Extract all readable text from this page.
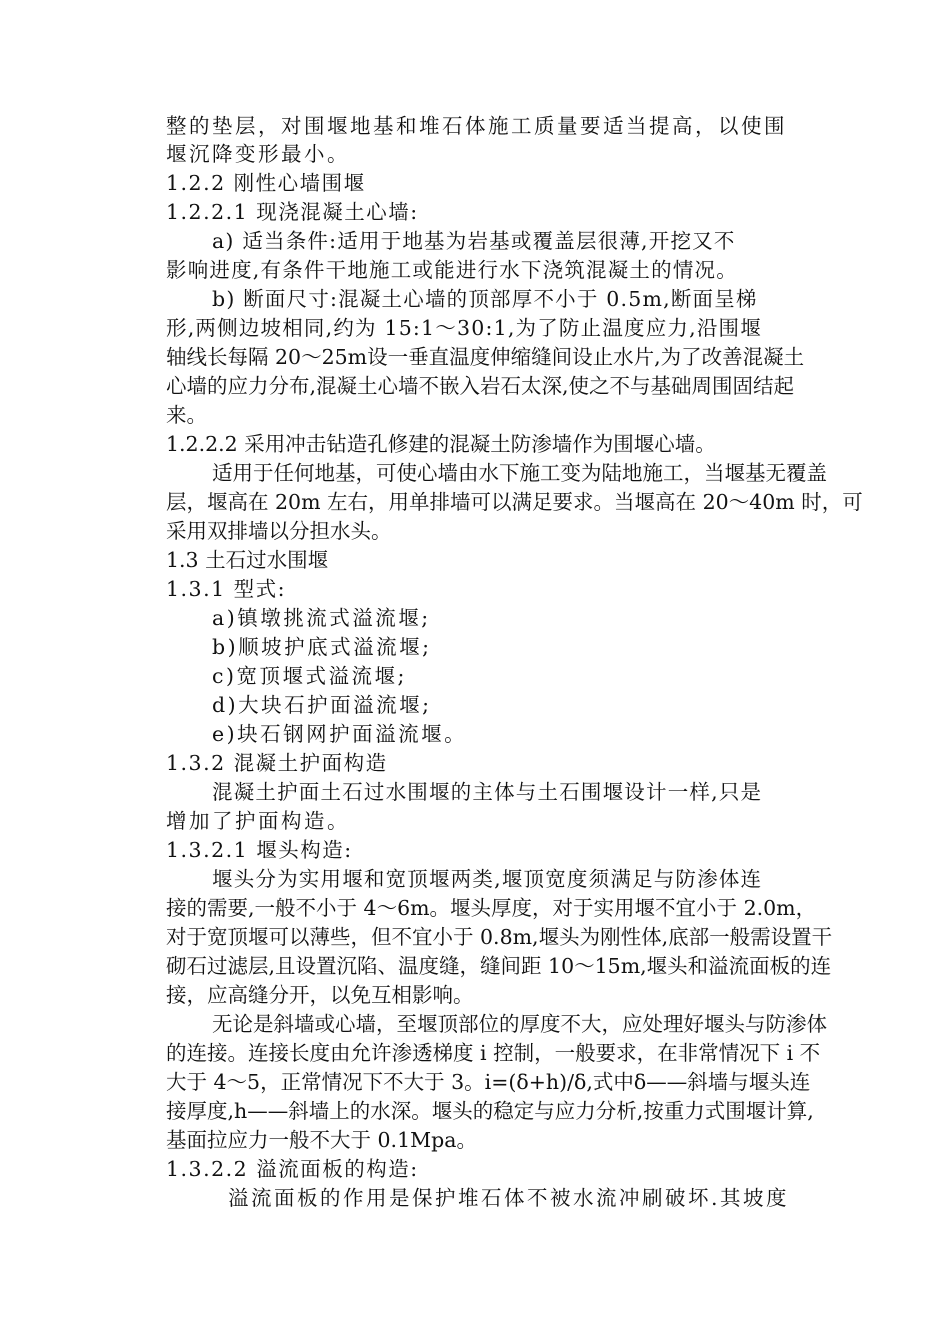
整的垫层，对围堰地基和堆石体施工质量要适当提高，以使围
堰沉降变形最小。
1.2.2 刚性心墙围堰
1.2.2.1 现浇混凝土心墙:
a) 适当条件:适用于地基为岩基或覆盖层很薄,开挖又不
影响进度,有条件干地施工或能进行水下浇筑混凝土的情况。
b) 断面尺寸:混凝土心墙的顶部厚不小于 0.5m,断面呈梯
形,两侧边坡相同,约为 15:1～30:1,为了防止温度应力,沿围堰
轴线长每隔 20～25m设一垂直温度伸缩缝间设止水片,为了改善混凝土
心墙的应力分布,混凝土心墙不嵌入岩石太深,使之不与基础周围固结起
来。
1.2.2.2 采用冲击钻造孔修建的混凝土防渗墙作为围堰心墙。
适用于任何地基，可使心墙由水下施工变为陆地施工，当堰基无覆盖
层，堰高在 20m 左右，用单排墙可以满足要求。当堰高在 20～40m 时，可
采用双排墙以分担水头。
1.3 土石过水围堰
1.3.1 型式:
a)镇墩挑流式溢流堰;
b)顺坡护底式溢流堰;
c)宽顶堰式溢流堰;
d)大块石护面溢流堰;
e)块石钢网护面溢流堰。
1.3.2 混凝土护面构造
混凝土护面土石过水围堰的主体与土石围堰设计一样,只是
增加了护面构造。
1.3.2.1 堰头构造:
堰头分为实用堰和宽顶堰两类,堰顶宽度须满足与防渗体连
接的需要,一般不小于 4～6m。堰头厚度，对于实用堰不宜小于 2.0m，
对于宽顶堰可以薄些，但不宜小于 0.8m,堰头为刚性体,底部一般需设置干
砌石过滤层,且设置沉陷、温度缝，缝间距 10～15m,堰头和溢流面板的连
接，应高缝分开，以免互相影响。
无论是斜墙或心墙，至堰顶部位的厚度不大，应处理好堰头与防渗体
的连接。连接长度由允许渗透梯度 i 控制，一般要求，在非常情况下 i 不
大于 4～5，正常情况下不大于 3。i=(δ+h)/δ,式中δ——斜墙与堰头连
接厚度,h——斜墙上的水深。堰头的稳定与应力分析,按重力式围堰计算,
基面拉应力一般不大于 0.1Mpa。
1.3.2.2 溢流面板的构造:
溢流面板的作用是保护堆石体不被水流冲刷破坏.其坡度
